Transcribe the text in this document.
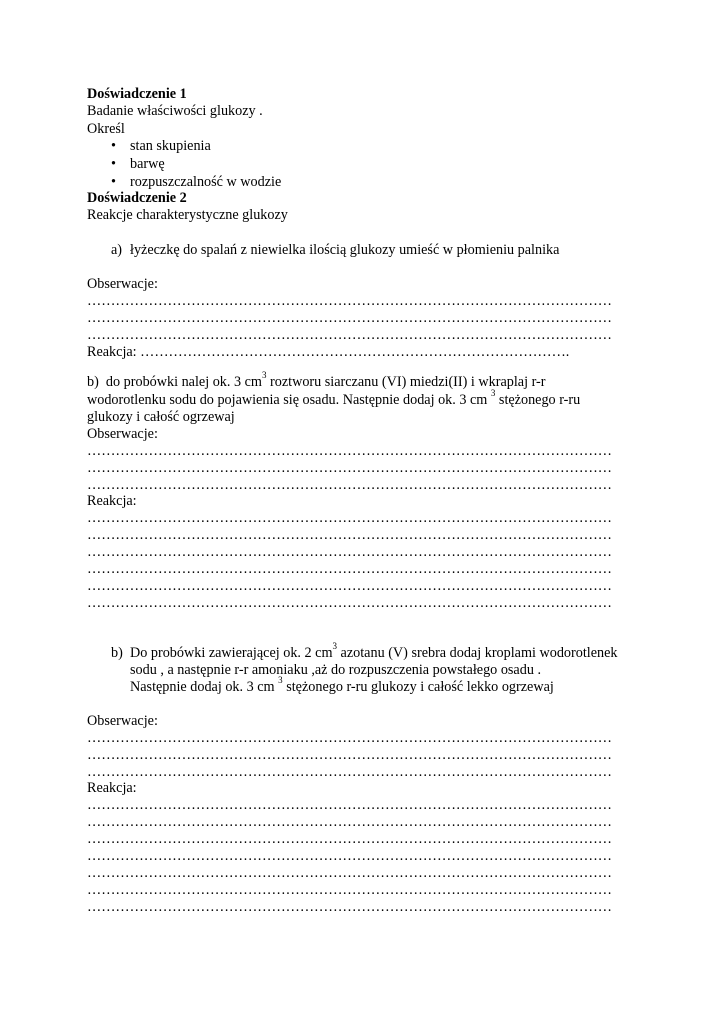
Doświadczenie 1
Badanie właściwości glukozy .
Określ
• stan skupienia
• barwę
• rozpuszczalność w wodzie
Doświadczenie 2
Reakcje charakterystyczne glukozy
a) łyżeczkę do spalań z niewielka ilością glukozy umieść w płomieniu palnika
Obserwacje:
…………………………………………………………………………………………………
…………………………………………………………………………………………………
…………………………………………………………………………………………………
Reakcja: ……………………………………………………………………………….
b) do probówki nalej ok. 3 $cm^3$ roztworu siarczanu (VI) miedzi(II) i wkraplaj r-r
wodorotlenku sodu do pojawienia się osadu. Następnie dodaj ok. 3 cm $^3$ stężonego r-ru
glukozy i całość ogrzewaj
Obserwacje:
…………………………………………………………………………………………………
…………………………………………………………………………………………………
…………………………………………………………………………………………………
Reakcja:
…………………………………………………………………………………………………
…………………………………………………………………………………………………
…………………………………………………………………………………………………
…………………………………………………………………………………………………
…………………………………………………………………………………………………
…………………………………………………………………………………………………
b) Do probówki zawierającej ok. 2 $cm^3$ azotanu (V) srebra dodaj kroplami wodorotlenek
sodu , a następnie r-r amoniaku ,aż do rozpuszczenia powstałego osadu .
Następnie dodaj ok. 3 cm $^3$ stężonego r-ru glukozy i całość lekko ogrzewaj
Obserwacje:
…………………………………………………………………………………………………
…………………………………………………………………………………………………
…………………………………………………………………………………………………
Reakcja:
…………………………………………………………………………………………………
…………………………………………………………………………………………………
…………………………………………………………………………………………………
…………………………………………………………………………………………………
…………………………………………………………………………………………………
…………………………………………………………………………………………………
…………………………………………………………………………………………………
